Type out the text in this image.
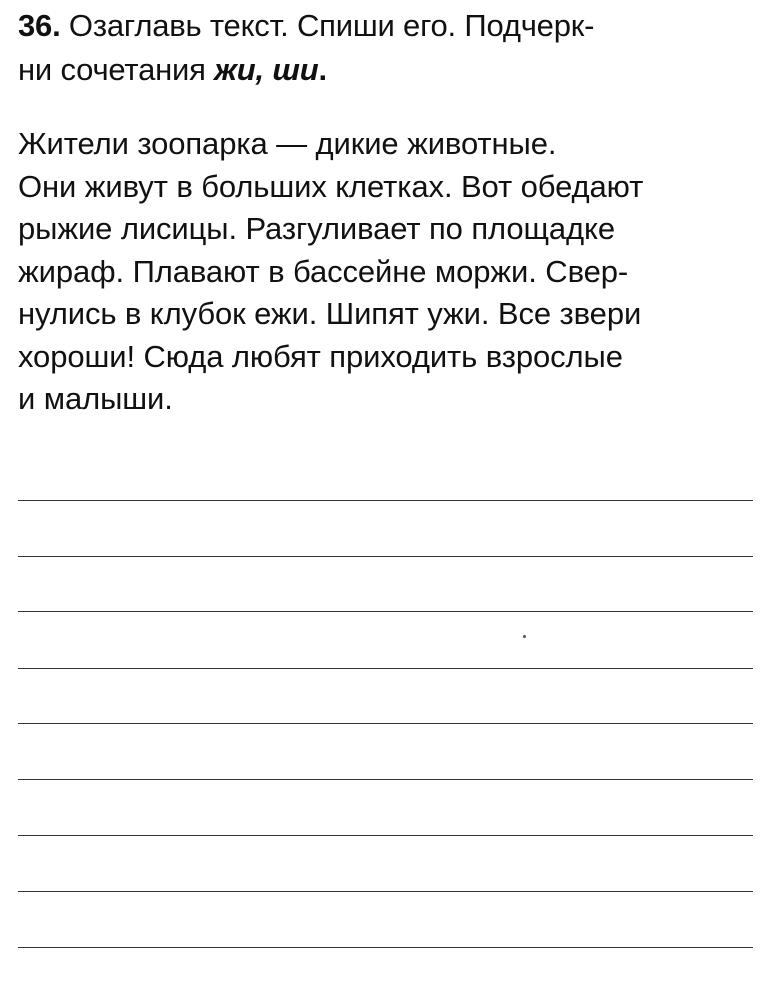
36. Озаглавь текст. Спиши его. Подчерк-
ни сочетания жи, ши.
Жители зоопарка — дикие животные.
Они живут в больших клетках. Вот обедают
рыжие лисицы. Разгуливает по площадке
жираф. Плавают в бассейне моржи. Свер-
нулись в клубок ежи. Шипят ужи. Все звери
хороши! Сюда любят приходить взрослые
и малыши.
